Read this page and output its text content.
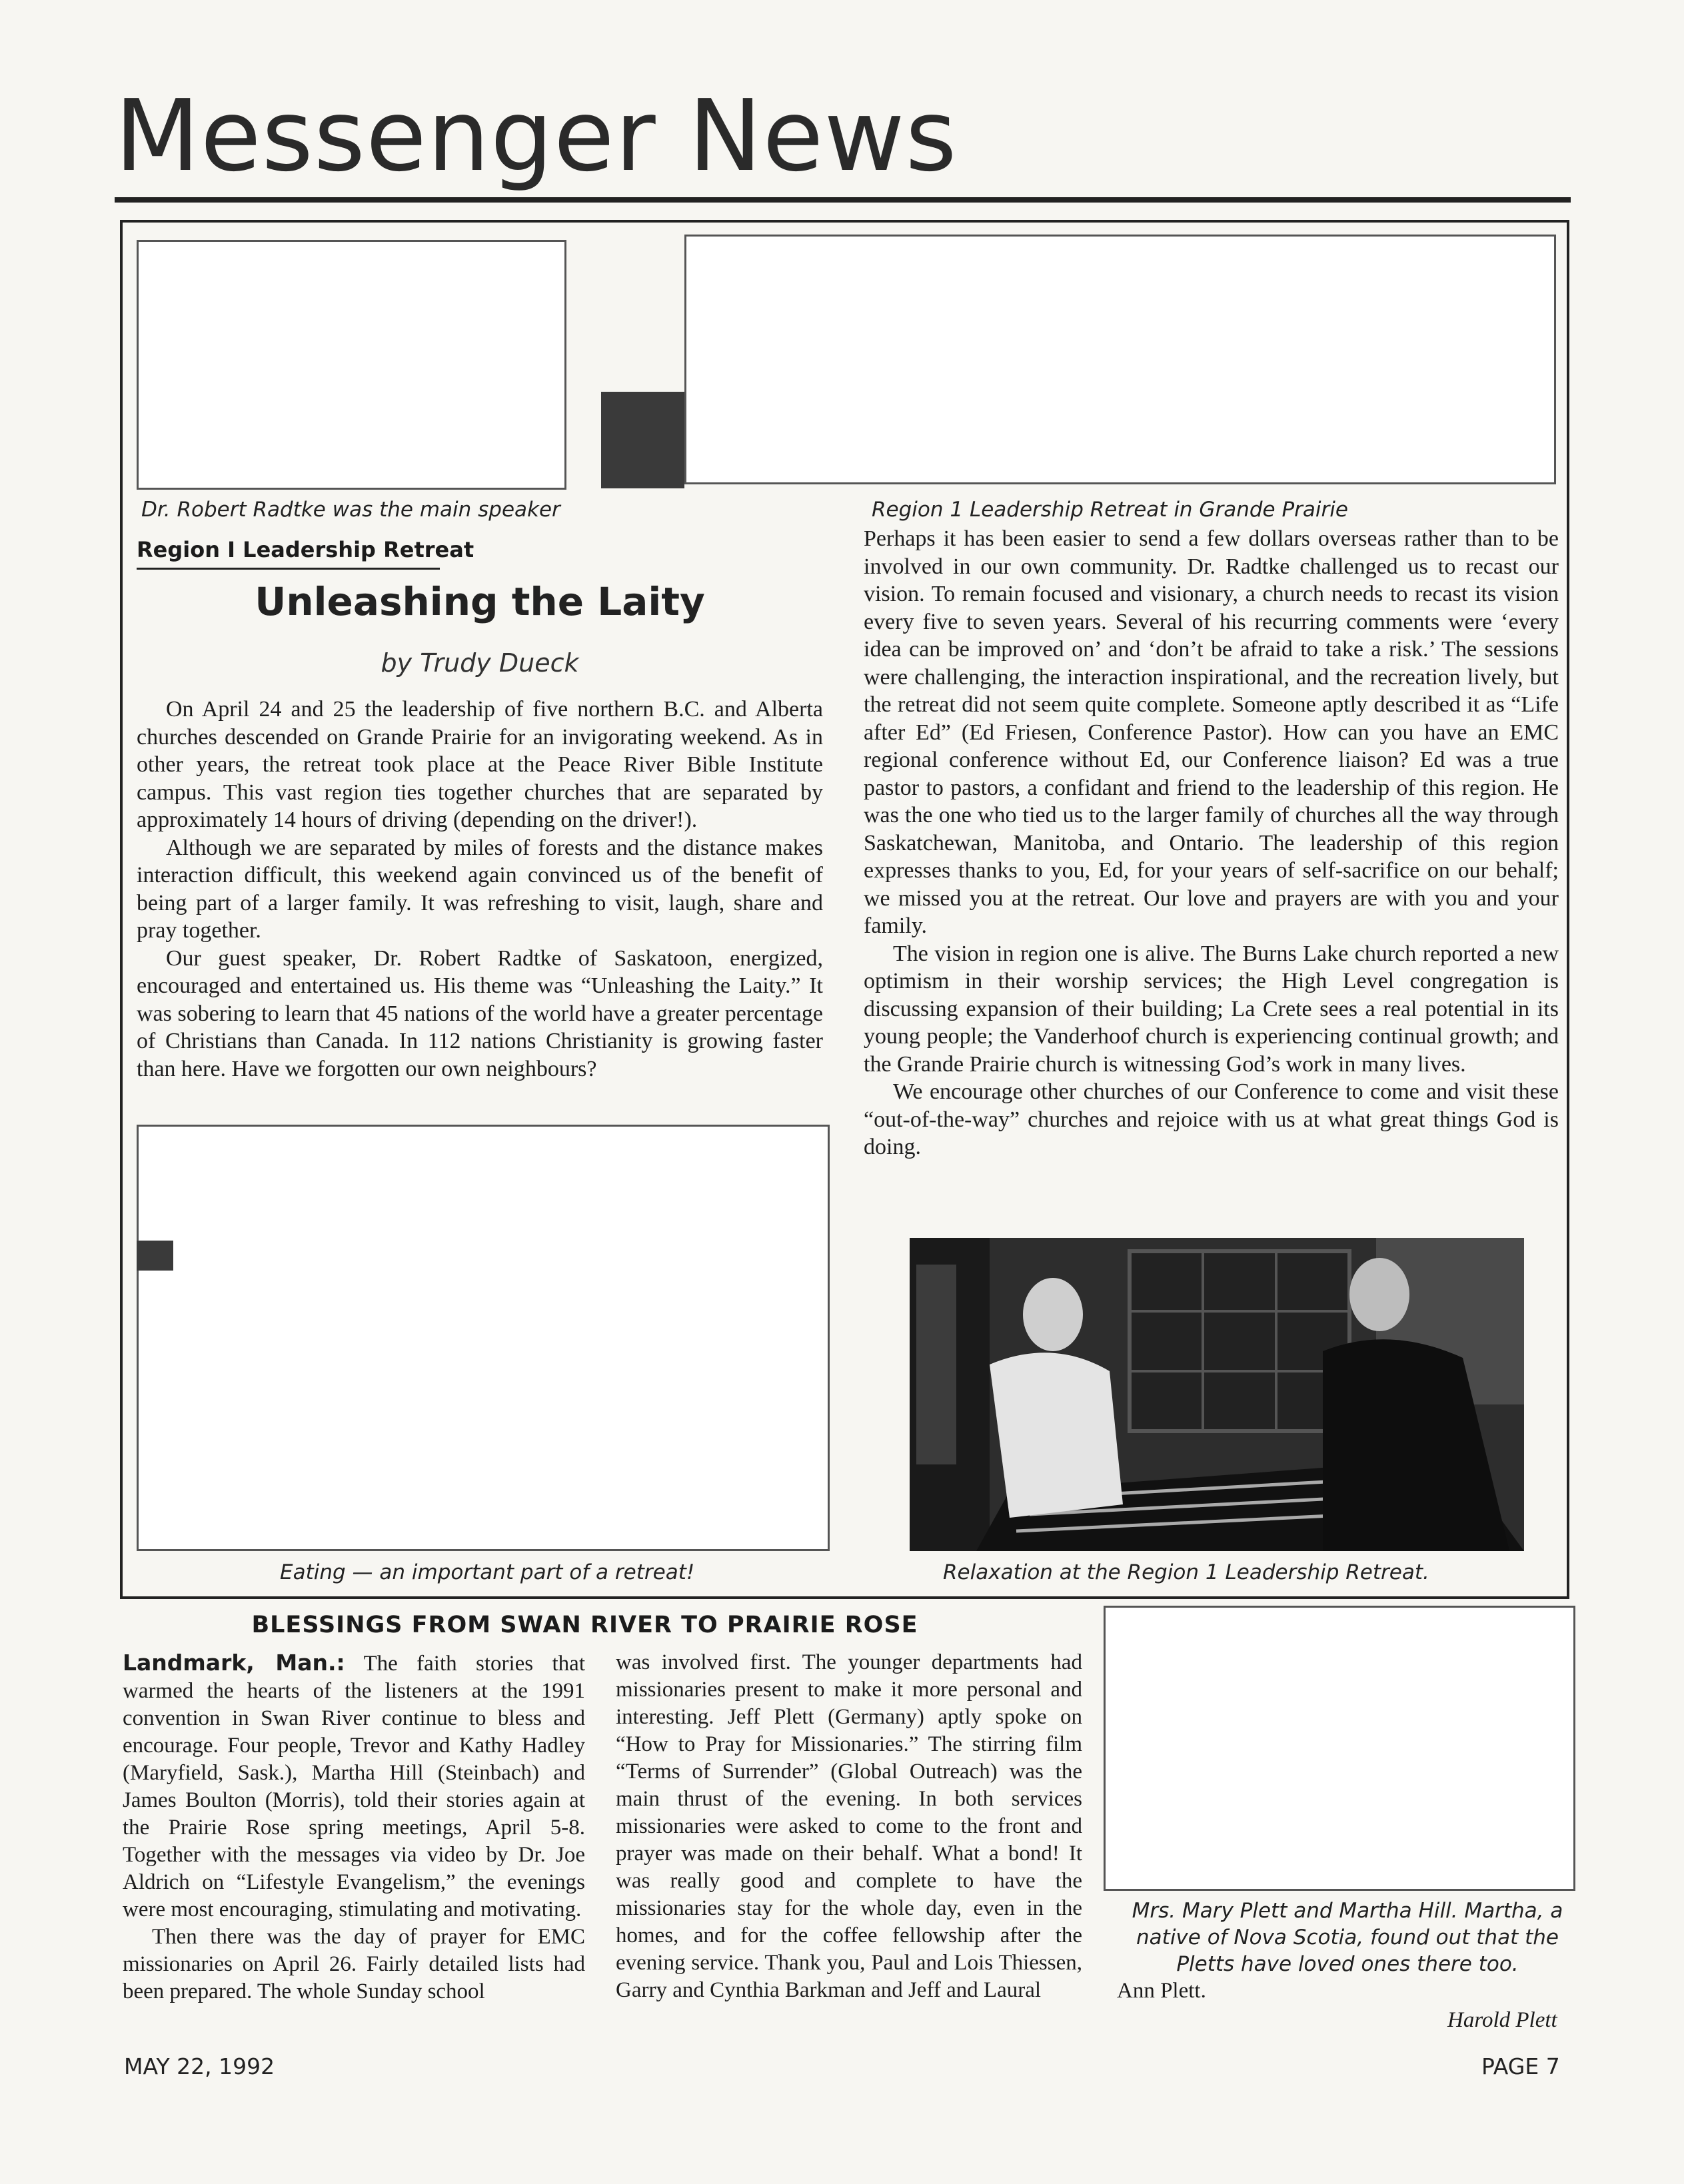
Messenger News
Dr. Robert Radtke was the main speaker	Region 1 Leadership Retreat in Grande Prairie
Region I Leadership Retreat
Unleashing the Laity
by Trudy Dueck

On April 24 and 25 the leadership of five northern B.C. and Alberta churches descended on Grande Prairie for an invigorating weekend. As in other years, the retreat took place at the Peace River Bible Institute campus. This vast region ties together churches that are separated by approximately 14 hours of driving (depending on the driver!).

Although we are separated by miles of forests and the distance makes interaction difficult, this weekend again convinced us of the benefit of being part of a larger family. It was refreshing to visit, laugh, share and pray together.

Our guest speaker, Dr. Robert Radtke of Saskatoon, energized, encouraged and entertained us. His theme was “Unleashing the Laity.” It was sobering to learn that 45 nations of the world have a greater percentage of Christians than Canada. In 112 nations Christianity is growing faster than here. Have we forgotten our own neighbours?

Eating — an important part of a retreat!

Perhaps it has been easier to send a few dollars overseas rather than to be involved in our own community. Dr. Radtke challenged us to recast our vision. To remain focused and visionary, a church needs to recast its vision every five to seven years. Several of his recurring comments were ‘every idea can be improved on’ and ‘don’t be afraid to take a risk.’ The sessions were challenging, the interaction inspirational, and the recreation lively, but the retreat did not seem quite complete. Someone aptly described it as “Life after Ed” (Ed Friesen, Conference Pastor). How can you have an EMC regional conference without Ed, our Conference liaison? Ed was a true pastor to pastors, a confidant and friend to the leadership of this region. He was the one who tied us to the larger family of churches all the way through Saskatchewan, Manitoba, and Ontario. The leadership of this region expresses thanks to you, Ed, for your years of self-sacrifice on our behalf; we missed you at the retreat. Our love and prayers are with you and your family.

The vision in region one is alive. The Burns Lake church reported a new optimism in their worship services; the High Level congregation is discussing expansion of their building; La Crete sees a real potential in its young people; the Vanderhoof church is experiencing continual growth; and the Grande Prairie church is witnessing God’s work in many lives.

We encourage other churches of our Conference to come and visit these “out-of-the-way” churches and rejoice with us at what great things God is doing.

Relaxation at the Region 1 Leadership Retreat.
BLESSINGS FROM SWAN RIVER TO PRAIRIE ROSE

Landmark, Man.: The faith stories that warmed the hearts of the listeners at the 1991 convention in Swan River continue to bless and encourage. Four people, Trevor and Kathy Hadley (Maryfield, Sask.), Martha Hill (Steinbach) and James Boulton (Morris), told their stories again at the Prairie Rose spring meetings, April 5-8. Together with the messages via video by Dr. Joe Aldrich on “Lifestyle Evangelism,” the evenings were most encouraging, stimulating and motivating.

Then there was the day of prayer for EMC missionaries on April 26. Fairly detailed lists had been prepared. The whole Sunday school

was involved first. The younger departments had missionaries present to make it more personal and interesting. Jeff Plett (Germany) aptly spoke on “How to Pray for Missionaries.” The stirring film “Terms of Surrender” (Global Outreach) was the main thrust of the evening. In both services missionaries were asked to come to the front and prayer was made on their behalf. What a bond! It was really good and complete to have the missionaries stay for the whole day, even in the homes, and for the coffee fellowship after the evening service. Thank you, Paul and Lois Thiessen, Garry and Cynthia Barkman and Jeff and Laural

Mrs. Mary Plett and Martha Hill. Martha, a native of Nova Scotia, found out that the Pletts have loved ones there too.
Ann Plett.
Harold Plett
MAY 22, 1992	PAGE 7
